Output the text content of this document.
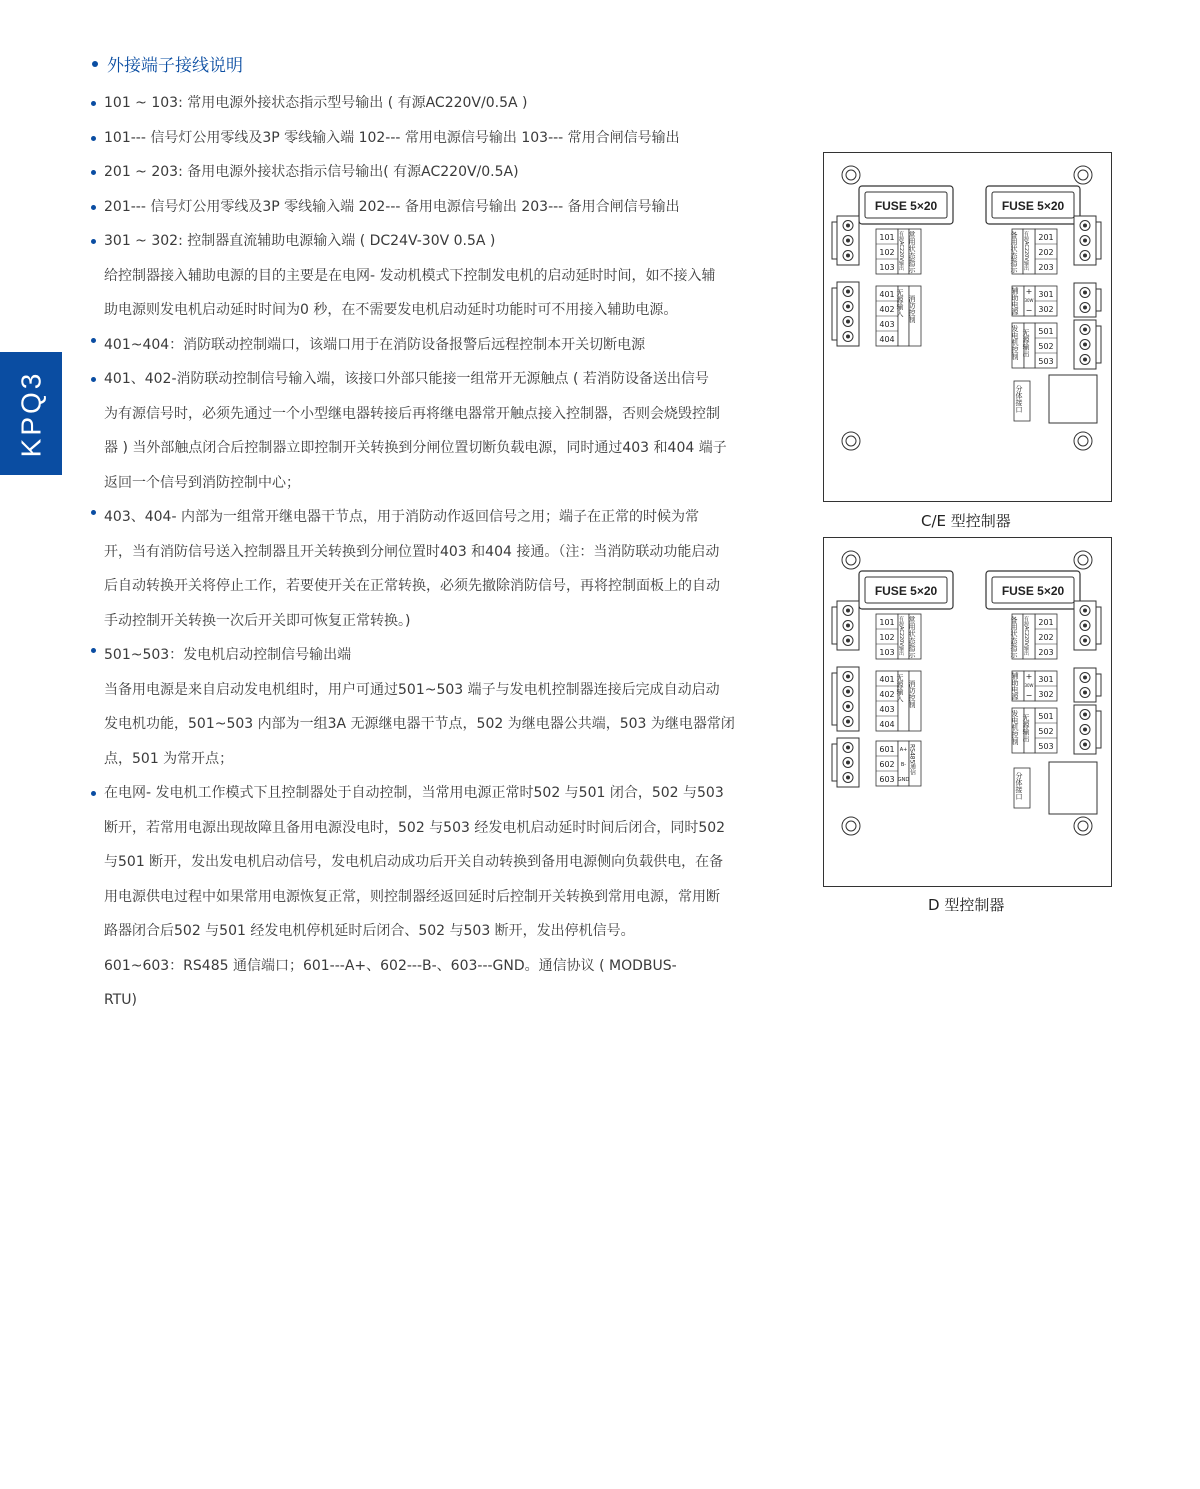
KPQ3
外接端子接线说明
101 ~ 103: 常用电源外接状态指示型号输出 ( 有源AC220V/0.5A )
101--- 信号灯公用零线及3P 零线输入端 102--- 常用电源信号输出 103--- 常用合闸信号输出
201 ~ 203: 备用电源外接状态指示信号输出( 有源AC220V/0.5A)
201--- 信号灯公用零线及3P 零线输入端 202--- 备用电源信号输出 203--- 备用合闸信号输出
301 ~ 302: 控制器直流辅助电源输入端 ( DC24V-30V 0.5A )
给控制器接入辅助电源的目的主要是在电网- 发动机模式下控制发电机的启动延时时间，如不接入辅
助电源则发电机启动延时时间为0 秒，在不需要发电机启动延时功能时可不用接入辅助电源。
401~404：消防联动控制端口，该端口用于在消防设备报警后远程控制本开关切断电源
401、402-消防联动控制信号输入端，该接口外部只能接一组常开无源触点 ( 若消防设备送出信号
为有源信号时，必须先通过一个小型继电器转接后再将继电器常开触点接入控制器，否则会烧毁控制
器 ) 当外部触点闭合后控制器立即控制开关转换到分闸位置切断负载电源，同时通过403 和404 端子
返回一个信号到消防控制中心；
403、404- 内部为一组常开继电器干节点，用于消防动作返回信号之用；端子在正常的时候为常
开，当有消防信号送入控制器且开关转换到分闸位置时403 和404 接通。（注：当消防联动功能启动
后自动转换开关将停止工作，若要使开关在正常转换，必须先撤除消防信号，再将控制面板上的自动
手动控制开关转换一次后开关即可恢复正常转换。)
501~503：发电机启动控制信号输出端
当备用电源是来自启动发电机组时，用户可通过501~503 端子与发电机控制器连接后完成自动启动
发电机功能，501~503 内部为一组3A 无源继电器干节点，502 为继电器公共端，503 为继电器常闭
点，501 为常开点；
在电网- 发电机工作模式下且控制器处于自动控制，当常用电源正常时502 与501 闭合，502 与503
断开，若常用电源出现故障且备用电源没电时，502 与503 经发电机启动延时时间后闭合，同时502
与501 断开，发出发电机启动信号，发电机启动成功后开关自动转换到备用电源侧向负载供电，在备
用电源供电过程中如果常用电源恢复正常，则控制器经返回延时后控制开关转换到常用电源，常用断
路器闭合后502 与501 经发电机停机延时后闭合、502 与503 断开，发出停机信号。
601~603：RS485 通信端口；601---A+、602---B-、603---GND。通信协议 ( MODBUS-
RTU)
FUSE 5×20	FUSE 5×20
101
102
103 有源AC220V输出 常用状态指示
401
402
403
404
无源输入 消防控制
201
202
203
备用状态指示 有源AC220V输出
301
302
辅助电源 +
30W
−
501
502
503
发电机控制 无源输出
分体接口
C/E 型控制器
FUSE 5×20	FUSE 5×20
101
102
103 有源AC220V输出 常用状态指示
401
402
403
404
无源输入 消防控制
201
202
203
备用状态指示 有源AC220V输出
301
302
辅助电源 +
30W
−
501
502
503
发电机控制 无源输出
分体接口
601
602
603
A+
B-
GND
RS485通信
D 型控制器
